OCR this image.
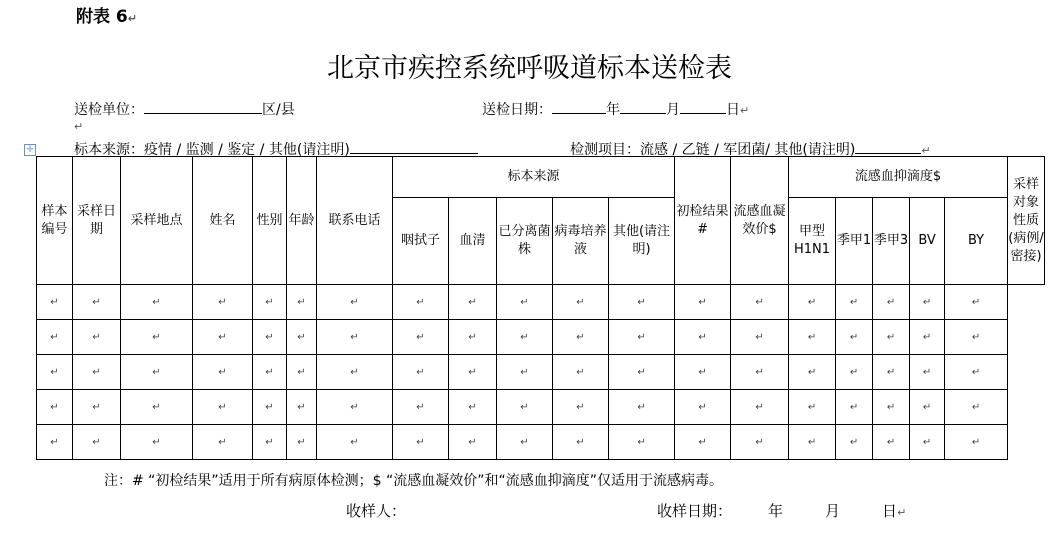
附表 6↵
北京市疾控系统呼吸道标本送检表
送检单位：	区/县	送检日期：	年	月	日↵
↵
✛	标本来源：疫情 / 监测 / 鉴定 / 其他(请注明)	检测项目：流感 / 乙链 / 军团菌/ 其他(请注明)	↵
样本编号	采样日期	采样地点	姓名	性别	年龄	联系电话	标本来源					初检结果#	流感血凝效价$	流感血抑滴度$					采样对象性质(病例/密接)
							咽拭子	血清	已分离菌株	病毒培养液	其他(请注明)			甲型H1N1	季甲1	季甲3	BV	BY	
↵	↵	↵	↵	↵	↵	↵	↵	↵	↵	↵	↵	↵	↵	↵	↵	↵	↵	↵	
↵	↵	↵	↵	↵	↵	↵	↵	↵	↵	↵	↵	↵	↵	↵	↵	↵	↵	↵	
↵	↵	↵	↵	↵	↵	↵	↵	↵	↵	↵	↵	↵	↵	↵	↵	↵	↵	↵	
↵	↵	↵	↵	↵	↵	↵	↵	↵	↵	↵	↵	↵	↵	↵	↵	↵	↵	↵	
↵	↵	↵	↵	↵	↵	↵	↵	↵	↵	↵	↵	↵	↵	↵	↵	↵	↵	↵	
注：# “初检结果”适用于所有病原体检测；$ “流感血凝效价”和“流感血抑滴度”仅适用于流感病毒。
收样人：	收样日期： 年	月	日↵
